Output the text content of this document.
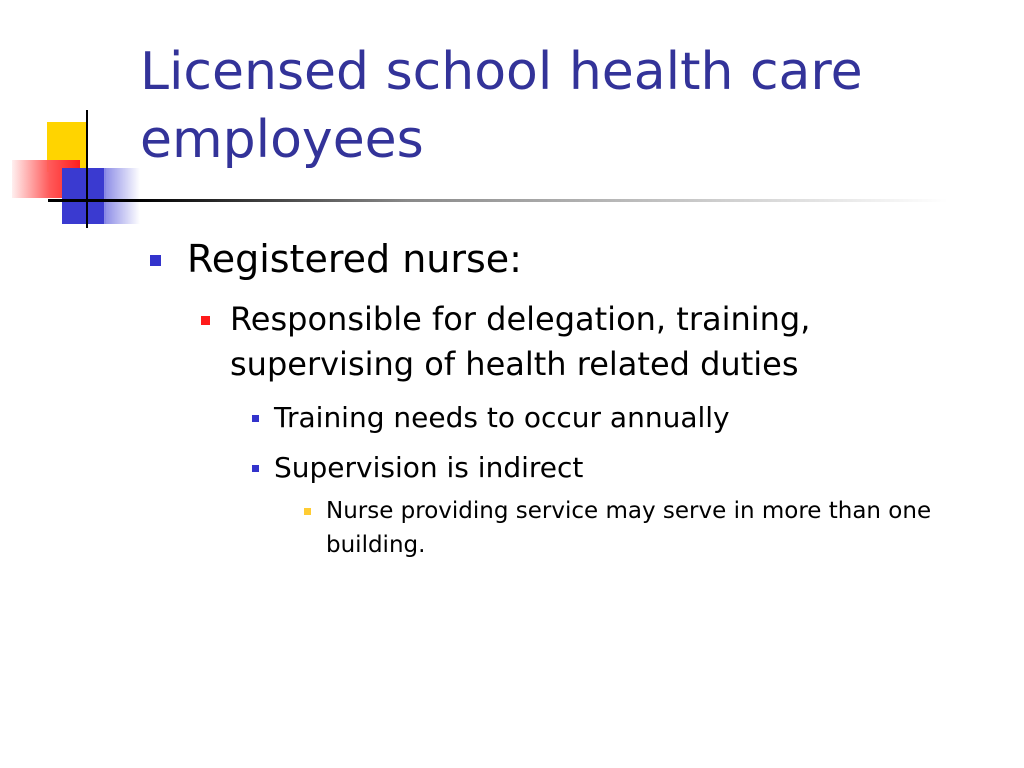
Licensed school health care employees
Registered nurse:
Responsible for delegation, training, supervising of health related duties
Training needs to occur annually
Supervision is indirect
Nurse providing service may serve in more than one building.
